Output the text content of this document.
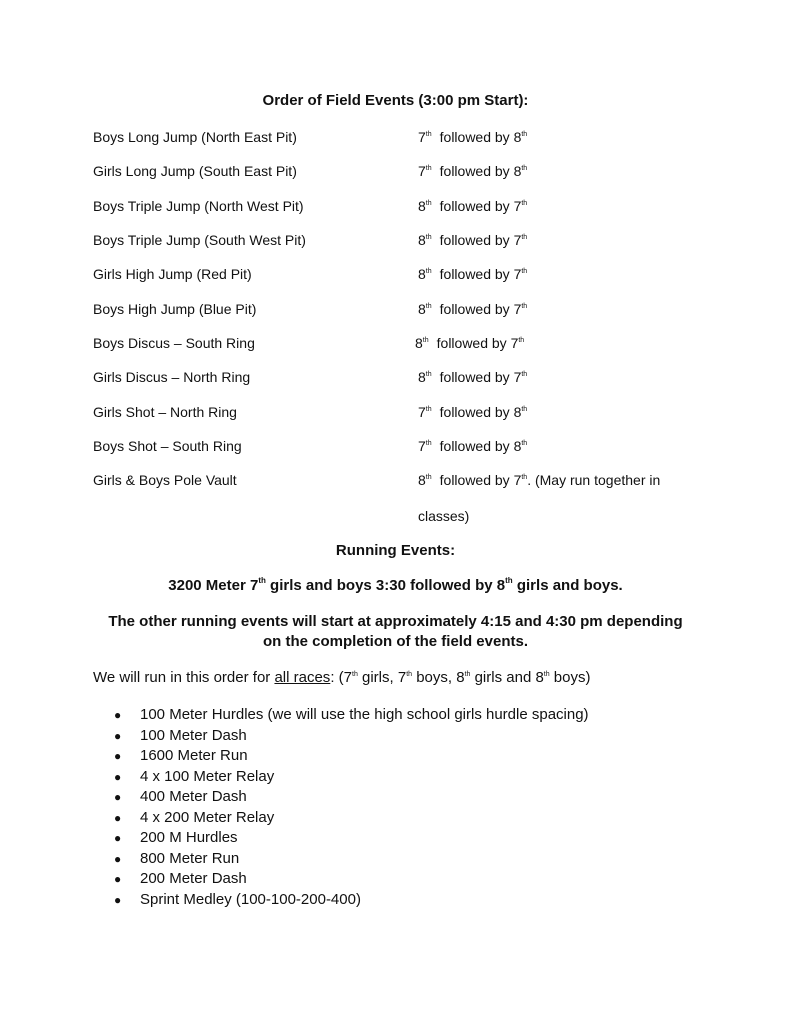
Order of Field Events (3:00 pm Start):
Boys Long Jump (North East Pit)	7th followed by 8th
Girls Long Jump (South East Pit)	7th followed by 8th
Boys Triple Jump (North West Pit)	8th followed by 7th
Boys Triple Jump (South West Pit)	8th followed by 7th
Girls High Jump (Red Pit)	8th followed by 7th
Boys High Jump (Blue Pit)	8th followed by 7th
Boys Discus – South Ring	8th followed by 7th
Girls Discus – North Ring	8th followed by 7th
Girls Shot – North Ring	7th followed by 8th
Boys Shot – South Ring	7th followed by 8th
Girls & Boys Pole Vault	8th followed by 7th. (May run together in
classes)
Running Events:
3200 Meter 7th girls and boys 3:30 followed by 8th girls and boys.
The other running events will start at approximately 4:15 and 4:30 pm depending
on the completion of the field events.
We will run in this order for all races: (7th girls, 7th boys, 8th girls and 8th boys)
● 100 Meter Hurdles (we will use the high school girls hurdle spacing)
● 100 Meter Dash
● 1600 Meter Run
● 4 x 100 Meter Relay
● 400 Meter Dash
● 4 x 200 Meter Relay
● 200 M Hurdles
● 800 Meter Run
● 200 Meter Dash
● Sprint Medley (100-100-200-400)
